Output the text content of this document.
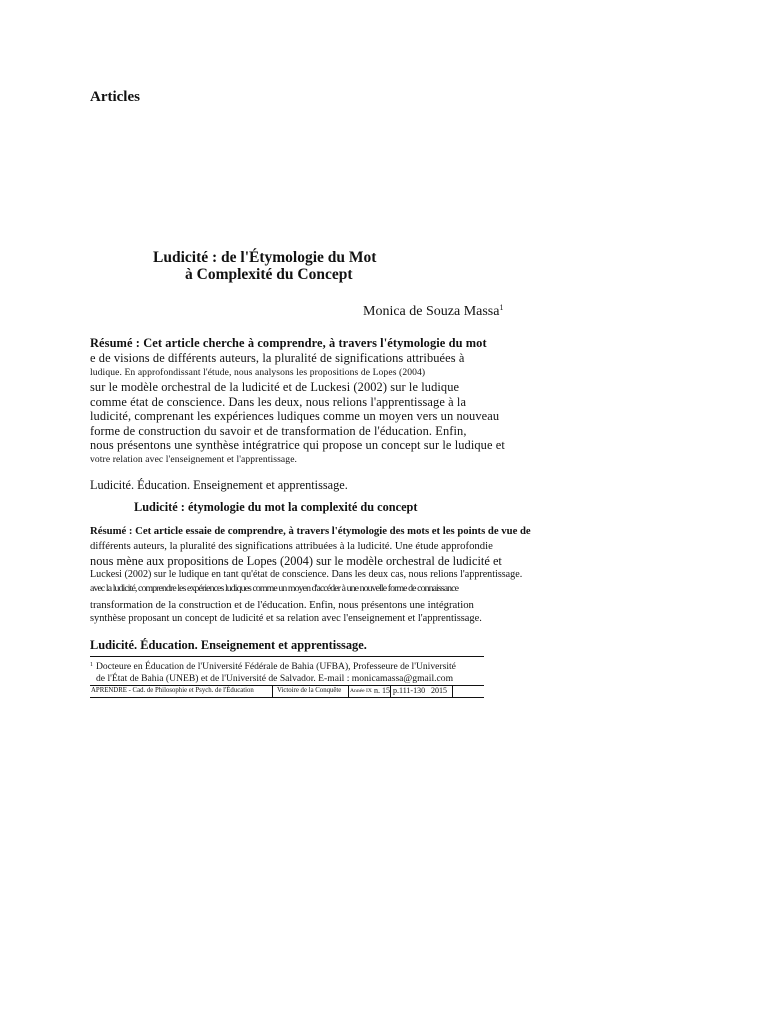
Articles
Ludicité : de l'Étymologie du Mot
à Complexité du Concept
Monica de Souza Massa$^1$
Résumé : Cet article cherche à comprendre, à travers l'étymologie du mot
e de visions de différents auteurs, la pluralité de significations attribuées à
ludique. En approfondissant l'étude, nous analysons les propositions de Lopes (2004)
sur le modèle orchestral de la ludicité et de Luckesi (2002) sur le ludique
comme état de conscience. Dans les deux, nous relions l'apprentissage à la
ludicité, comprenant les expériences ludiques comme un moyen vers un nouveau
forme de construction du savoir et de transformation de l'éducation. Enfin,
nous présentons une synthèse intégratrice qui propose un concept sur le ludique et
votre relation avec l'enseignement et l'apprentissage.
Ludicité. Éducation. Enseignement et apprentissage.
Ludicité : étymologie du mot la complexité du concept
Résumé : Cet article essaie de comprendre, à travers l'étymologie des mots et les points de vue de
différents auteurs, la pluralité des significations attribuées à la ludicité. Une étude approfondie
nous mène aux propositions de Lopes (2004) sur le modèle orchestral de ludicité et
Luckesi (2002) sur le ludique en tant qu'état de conscience. Dans les deux cas, nous relions l'apprentissage.
avec la ludicité, comprendre les expériences ludiques comme un moyen d'accéder à une nouvelle forme de connaissance
transformation de la construction et de l'éducation. Enfin, nous présentons une intégration
synthèse proposant un concept de ludicité et sa relation avec l'enseignement et l'apprentissage.
Ludicité. Éducation. Enseignement et apprentissage.
$^1$ Docteure en Éducation de l'Université Fédérale de Bahia (UFBA), Professeure de l'Université
de l'État de Bahia (UNEB) et de l'Université de Salvador. E-mail : monicamassa@gmail.com
APRENDRE - Cad. de Philosophie et Psych. de l'Éducation	Victoire de la Conquête Année IX n. 15 p.111-130 2015
